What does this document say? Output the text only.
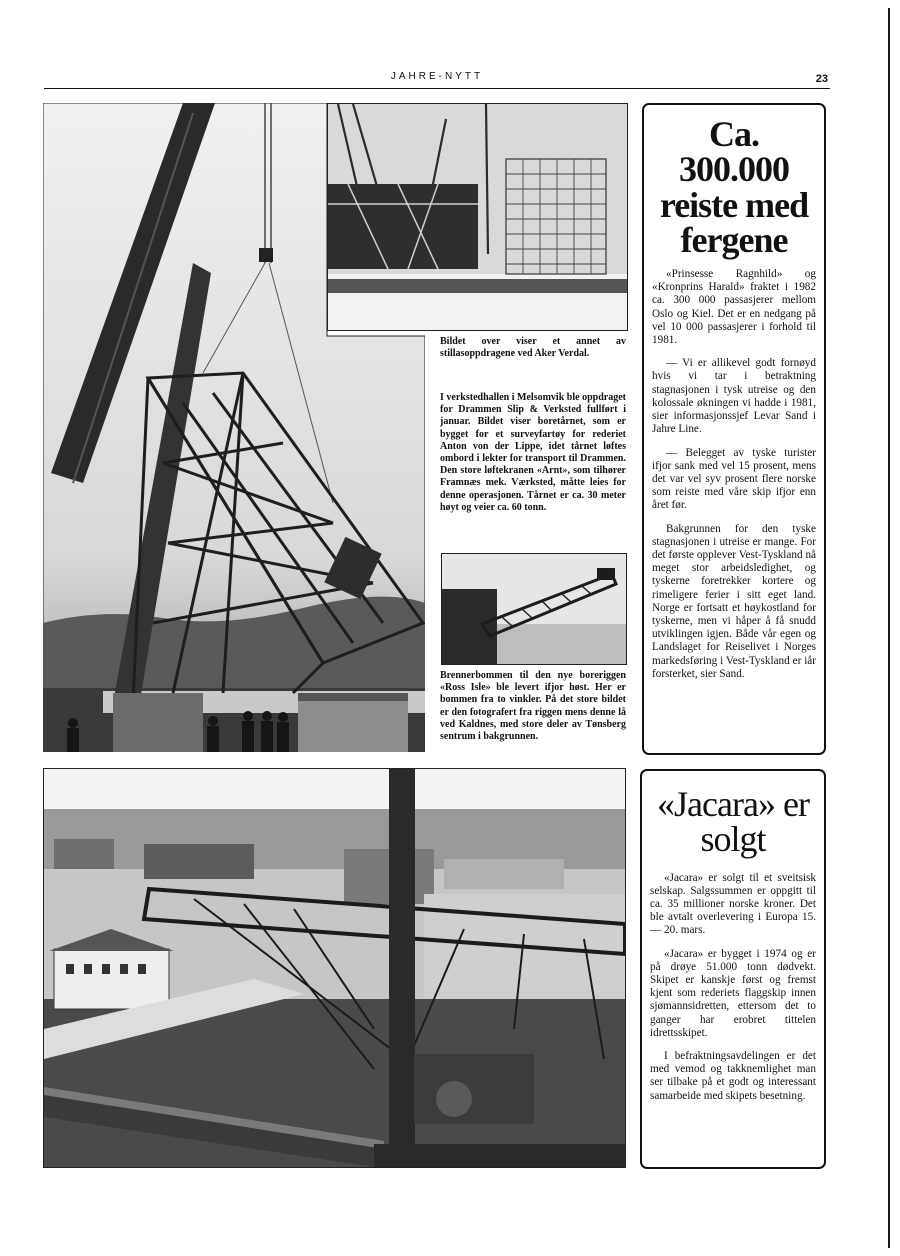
JAHRE-NYTT	23

Bildet over viser et annet av stillasoppdragene ved Aker Verdal.

I verkstedhallen i Melsomvik ble oppdraget for Drammen Slip & Verksted fullført i januar. Bildet viser boretårnet, som er bygget for et surveyfartøy for rederiet Anton von der Lippe, idet tårnet løftes ombord i lekter for transport til Drammen. Den store løftekranen «Arnt», som tilhører Framnæs mek. Værksted, måtte leies for denne operasjonen. Tårnet er ca. 30 meter høyt og veier ca. 60 tonn.

Brennerbommen til den nye boreriggen «Ross Isle» ble levert ifjor høst. Her er bommen fra to vinkler. På det store bildet er den fotografert fra riggen mens denne lå ved Kaldnes, med store deler av Tønsberg sentrum i bakgrunnen.

Ca. 300.000 reiste med fergene

«Prinsesse Ragnhild» og «Kronprins Harald» fraktet i 1982 ca. 300 000 passasjerer mellom Oslo og Kiel. Det er en nedgang på vel 10 000 passasjerer i forhold til 1981.

— Vi er allikevel godt fornøyd hvis vi tar i betraktning stagnasjonen i tysk utreise og den kolossale økningen vi hadde i 1981, sier informasjonssjef Levar Sand i Jahre Line.

— Belegget av tyske turister ifjor sank med vel 15 prosent, mens det var vel syv prosent flere norske som reiste med våre skip ifjor enn året før.

Bakgrunnen for den tyske stagnasjonen i utreise er mange. For det første opplever Vest-Tyskland nå meget stor arbeidsledighet, og tyskerne foretrekker kortere og rimeligere ferier i sitt eget land. Norge er fortsatt et høykostland for tyskerne, men vi håper å få snudd utviklingen igjen. Både vår egen og Landslaget for Reiselivet i Norges markedsføring i Vest-Tyskland er iår forsterket, sier Sand.

«Jacara» er solgt

«Jacara» er solgt til et sveitsisk selskap. Salgssummen er oppgitt til ca. 35 millioner norske kroner. Det ble avtalt overlevering i Europa 15. — 20. mars.

«Jacara» er bygget i 1974 og er på drøye 51.000 tonn dødvekt. Skipet er kanskje først og fremst kjent som rederiets flaggskip innen sjømannsidretten, ettersom det to ganger har erobret tittelen idrettsskipet.

I befraktningsavdelingen er det med vemod og takknemlighet man ser tilbake på et godt og interessant samarbeide med skipets besetning.
